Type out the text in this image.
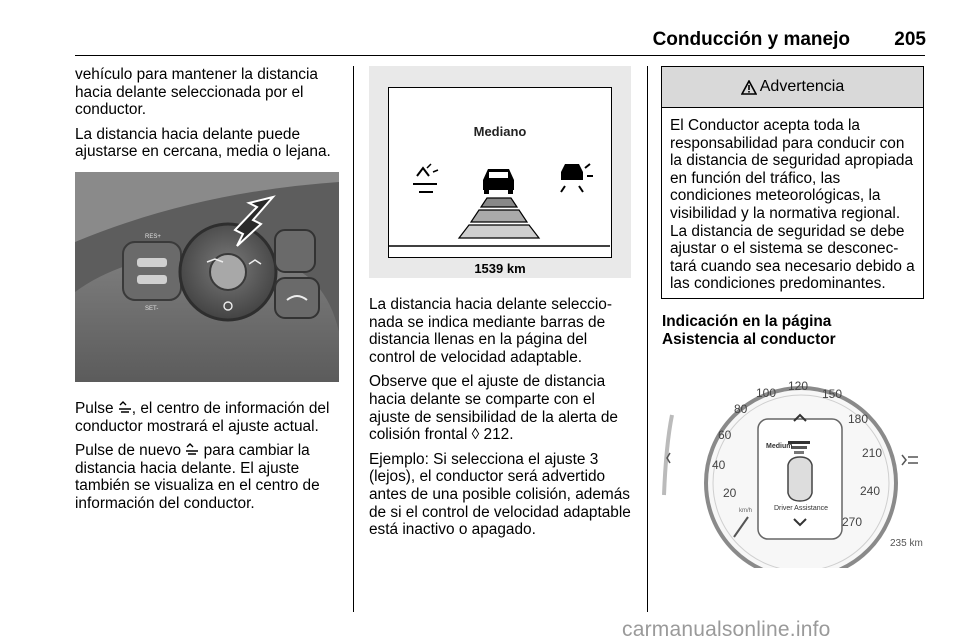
Conducción y manejo	205

vehículo para mantener la distancia hacia delante seleccionada por el conductor.

La distancia hacia delante puede ajustarse en cercana, media o lejana.

RES+
SET-

Pulse , el centro de información del conductor mostrará el ajuste actual.

Pulse de nuevo  para cambiar la distancia hacia delante. El ajuste también se visualiza en el centro de información del conductor.

Mediano
1539 km

La distancia hacia delante seleccionada se indica mediante barras de distancia llenas en la página del control de velocidad adaptable.

Observe que el ajuste de distancia hacia delante se comparte con el ajuste de sensibilidad de la alerta de colisión frontal ◊ 212.

Ejemplo: Si selecciona el ajuste 3 (lejos), el conductor será advertido antes de una posible colisión, además de si el control de velocidad adaptable está inactivo o apagado.

Advertencia
El Conductor acepta toda la responsabilidad para conducir con la distancia de seguridad apropiada en función del tráfico, las condiciones meteorológicas, la visibilidad y la normativa regional. La distancia de seguridad se debe ajustar o el sistema se desconectará cuando sea necesario debido a las condiciones predominantes.
Indicación en la página
Asistencia al conductor
20
40
60
80
100 120
150
180
210
240
270
km/h
Medium
Driver Assistance
235 km
carmanualsonline.info
